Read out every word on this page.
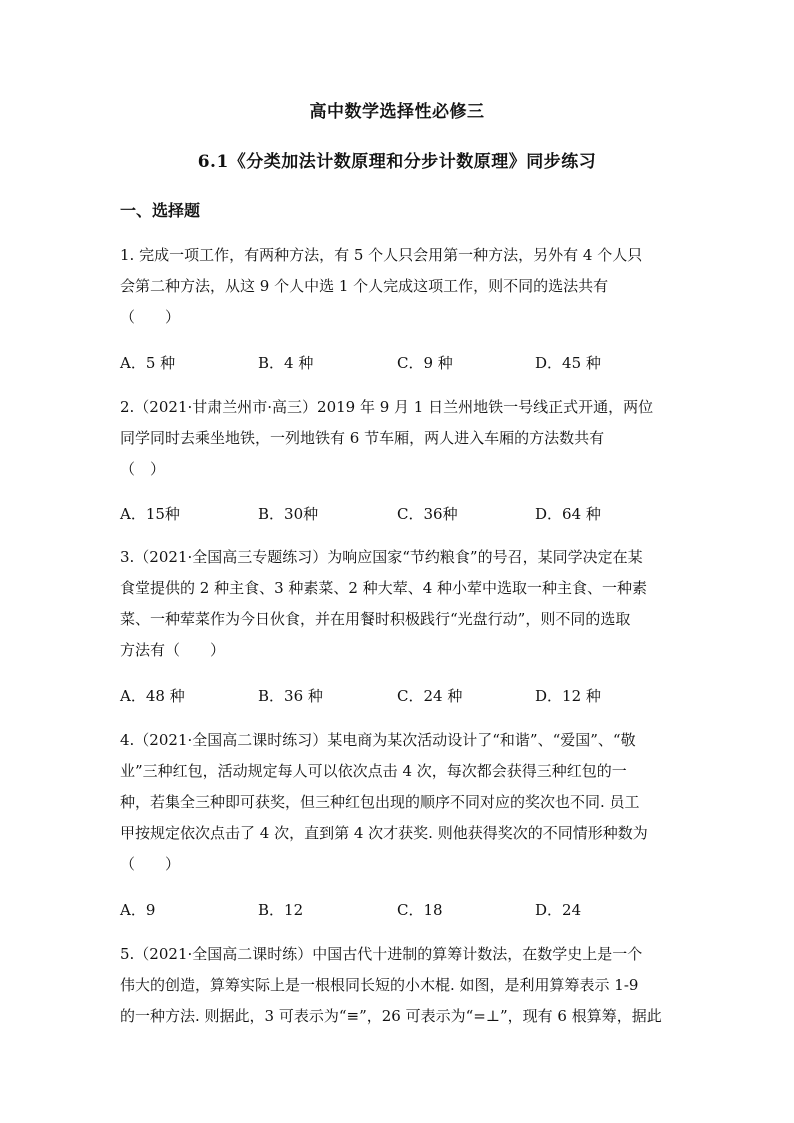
高中数学选择性必修三
6.1《分类加法计数原理和分步计数原理》同步练习
一、选择题

1. 完成一项工作，有两种方法，有 5 个人只会用第一种方法，另外有 4 个人只

会第二种方法，从这 9 个人中选 1 个人完成这项工作，则不同的选法共有

（　　）

A．5 种	B．4 种	C．9 种	D．45 种

2.（2021·甘肃兰州市·高三）2019 年 9 月 1 日兰州地铁一号线正式开通，两位

同学同时去乘坐地铁，一列地铁有 6 节车厢，两人进入车厢的方法数共有

（　）

A．15种	B．30种	C．36种	D．64 种

3.（2021·全国高三专题练习）为响应国家“节约粮食”的号召，某同学决定在某

食堂提供的 2 种主食、3 种素菜、2 种大荤、4 种小荤中选取一种主食、一种素

菜、一种荤菜作为今日伙食，并在用餐时积极践行“光盘行动”，则不同的选取

方法有（　　）

A．48 种	B．36 种	C．24 种	D．12 种

4.（2021·全国高二课时练习）某电商为某次活动设计了“和谐”、“爱国”、“敬

业”三种红包，活动规定每人可以依次点击 4 次，每次都会获得三种红包的一

种，若集全三种即可获奖，但三种红包出现的顺序不同对应的奖次也不同. 员工

甲按规定依次点击了 4 次，直到第 4 次才获奖. 则他获得奖次的不同情形种数为

（　　）

A．9	B．12	C．18	D．24

5.（2021·全国高二课时练）中国古代十进制的算筹计数法，在数学史上是一个

伟大的创造，算筹实际上是一根根同长短的小木棍. 如图，是利用算筹表示 1-9

的一种方法. 则据此，3 可表示为“≡”，26 可表示为“=⊥”，现有 6 根算筹，据此
